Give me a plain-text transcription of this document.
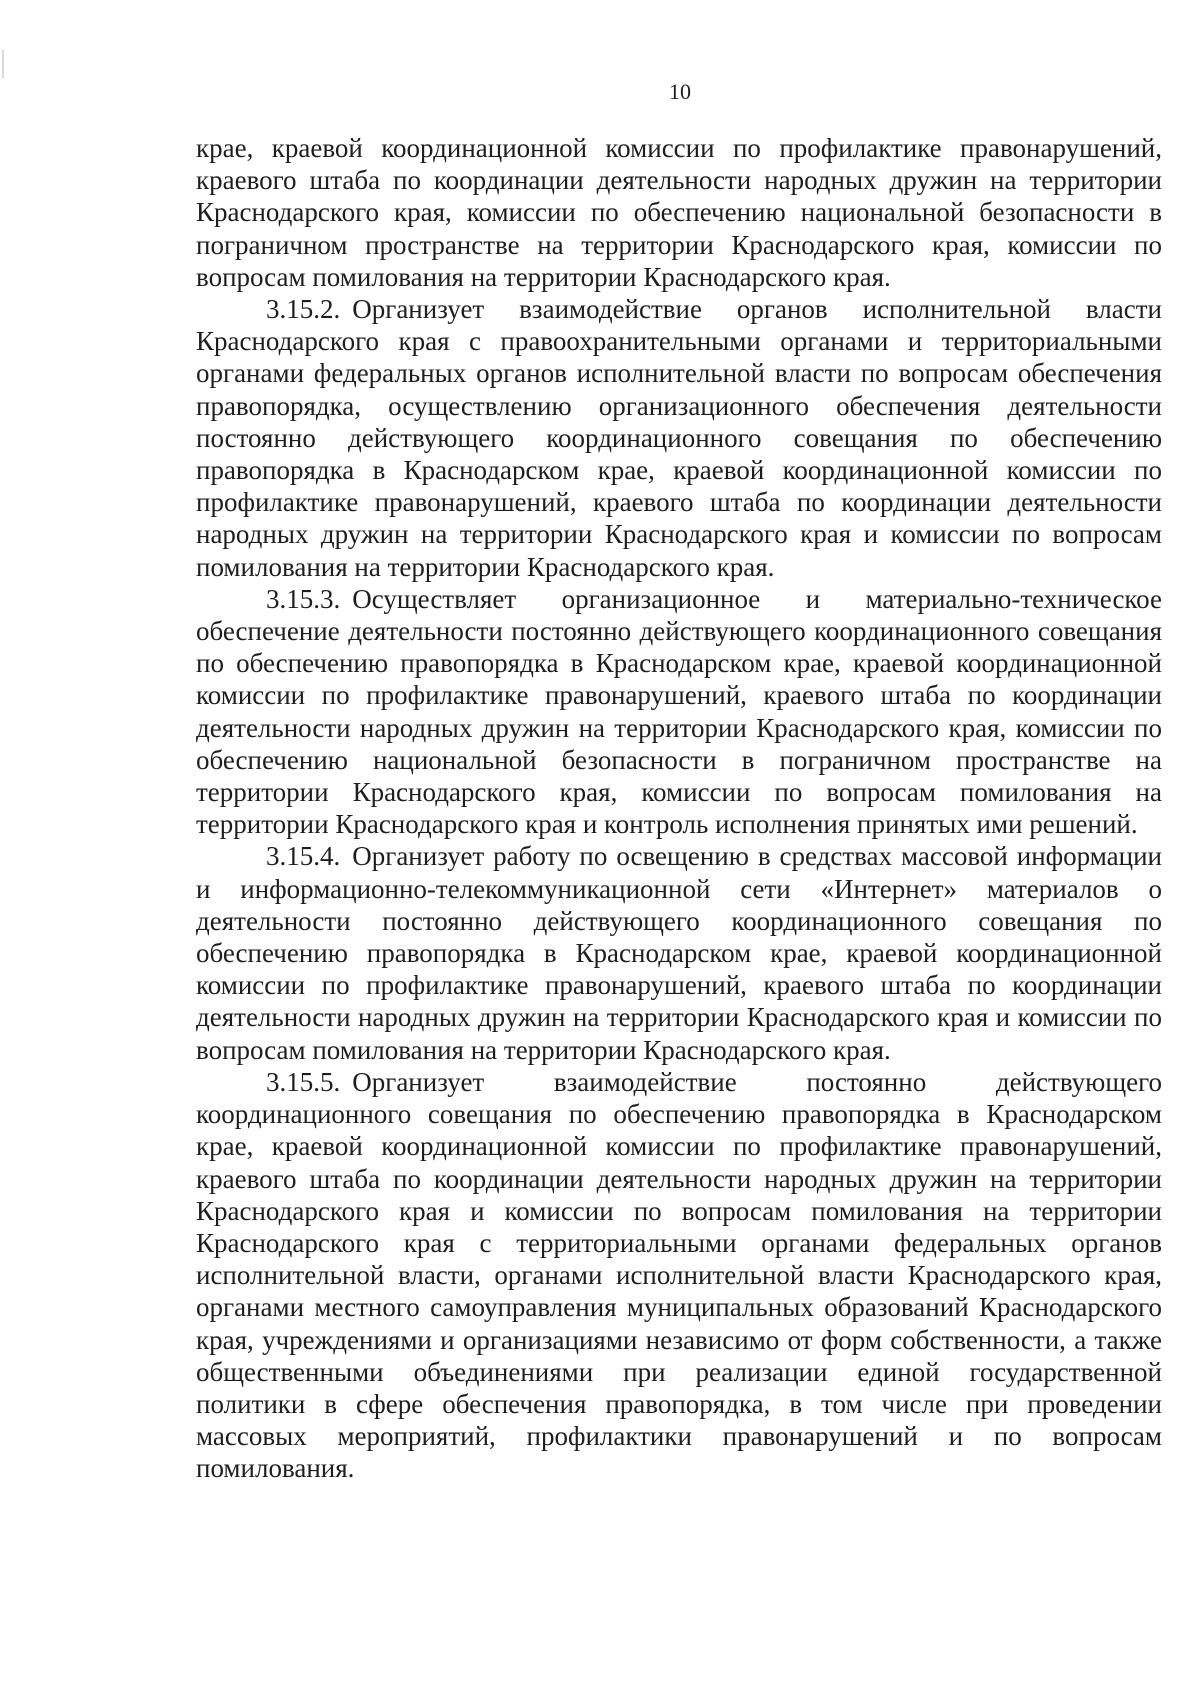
10

крае, краевой координационной комиссии по профилактике правонарушений, краевого штаба по координации деятельности народных дружин на территории Краснодарского края, комиссии по обеспечению национальной безопасности в пограничном пространстве на территории Краснодарского края, комиссии по вопросам помилования на территории Краснодарского края.

3.15.2. Организует взаимодействие органов исполнительной власти Краснодарского края с правоохранительными органами и территориальными органами федеральных органов исполнительной власти по вопросам обеспечения правопорядка, осуществлению организационного обеспечения деятельности постоянно действующего координационного совещания по обеспечению правопорядка в Краснодарском крае, краевой координационной комиссии по профилактике правонарушений, краевого штаба по координации деятельности народных дружин на территории Краснодарского края и комиссии по вопросам помилования на территории Краснодарского края.

3.15.3. Осуществляет организационное и материально-техническое обеспечение деятельности постоянно действующего координационного совещания по обеспечению правопорядка в Краснодарском крае, краевой координационной комиссии по профилактике правонарушений, краевого штаба по координации деятельности народных дружин на территории Краснодарского края, комиссии по обеспечению национальной безопасности в пограничном пространстве на территории Краснодарского края, комиссии по вопросам помилования на территории Краснодарского края и контроль исполнения принятых ими решений.

3.15.4. Организует работу по освещению в средствах массовой информации и информационно-телекоммуникационной сети «Интернет» материалов о деятельности постоянно действующего координационного совещания по обеспечению правопорядка в Краснодарском крае, краевой координационной комиссии по профилактике правонарушений, краевого штаба по координации деятельности народных дружин на территории Краснодарского края и комиссии по вопросам помилования на территории Краснодарского края.

3.15.5. Организует взаимодействие постоянно действующего координационного совещания по обеспечению правопорядка в Краснодарском крае, краевой координационной комиссии по профилактике правонарушений, краевого штаба по координации деятельности народных дружин на территории Краснодарского края и комиссии по вопросам помилования на территории Краснодарского края с территориальными органами федеральных органов исполнительной власти, органами исполнительной власти Краснодарского края, органами местного самоуправления муниципальных образований Краснодарского края, учреждениями и организациями независимо от форм собственности, а также общественными объединениями при реализации единой государственной политики в сфере обеспечения правопорядка, в том числе при проведении массовых мероприятий, профилактики правонарушений и по вопросам помилования.
